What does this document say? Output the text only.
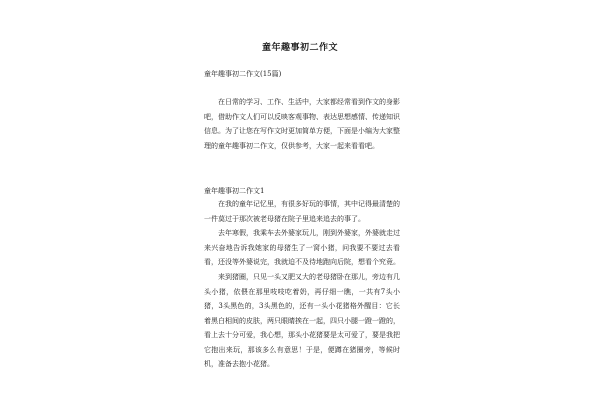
童年趣事初二作文
童年趣事初二作文(15篇)

在日常的学习、工作、生活中，大家都经常看到作文的身影吧，借助作文人们可以反映客观事物、表达思想感情、传递知识信息。为了让您在写作文时更加简单方便，下面是小编为大家整理的童年趣事初二作文，仅供参考，大家一起来看看吧。

童年趣事初二作文1

在我的童年记忆里，有很多好玩的事情，其中记得最清楚的一件莫过于那次被老母猪在院子里追来追去的事了。

去年寒假，我乘车去外婆家玩儿，刚到外婆家，外婆就走过来兴奋地告诉我她家的母猪生了一窝小猪，问我要不要过去看看，还没等外婆说完，我就迫不及待地跑向后院，想看个究竟。

来到猪圈，只见一头又肥又大的老母猪卧在那儿，旁边有几头小猪，依偎在那里吱吱吃着奶，再仔细一瞧，一共有7头小猪，3头黑色的，3头黑色的，还有一头小花猪格外醒目：它长着黑白相间的皮肤，两只眼睛挨在一起，四只小腿一蹬一蹬的，看上去十分可爱，我心想，那头小花猪要是太可爱了，要是我把它抱出来玩，那该多么有意思！于是，便蹲在猪圈旁，等候时机，准备去抱小花猪。
